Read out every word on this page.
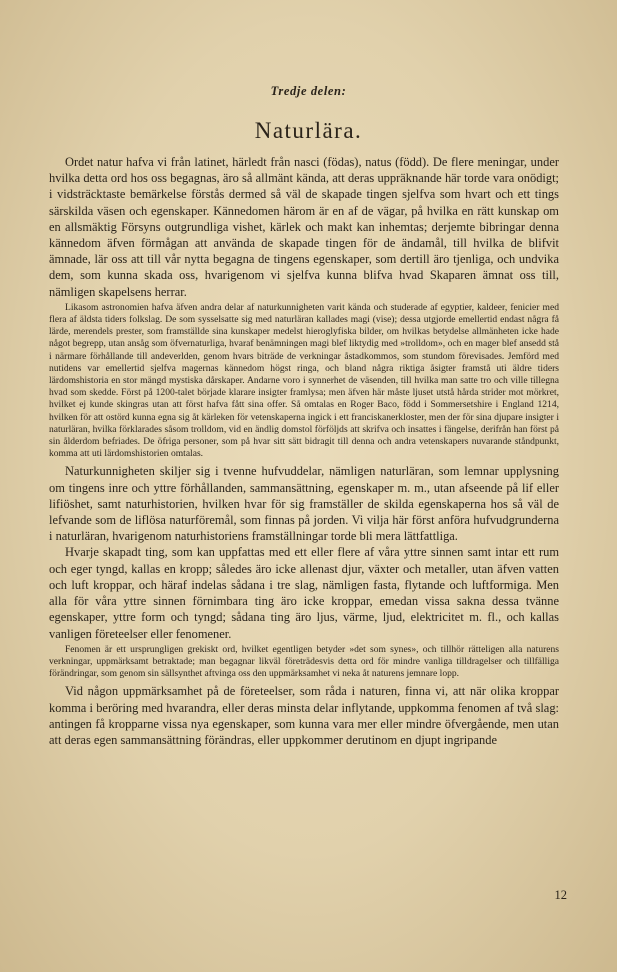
Tredje delen:
Naturlära.

Ordet natur hafva vi från latinet, härledt från nasci (födas), natus (född). De flere meningar, under hvilka detta ord hos oss begagnas, äro så allmänt kända, att deras uppräknande här torde vara onödigt; i vidsträcktaste bemärkelse förstås dermed så väl de skapade tingen sjelfva som hvart och ett tings särskilda väsen och egenskaper. Kännedomen härom är en af de vägar, på hvilka en rätt kunskap om en allsmäktig Försyns outgrundliga vishet, kärlek och makt kan inhemtas; derjemte bibringar denna kännedom äfven förmågan att använda de skapade tingen för de ändamål, till hvilka de blifvit ämnade, lär oss att till vår nytta begagna de tingens egenskaper, som dertill äro tjenliga, och undvika dem, som kunna skada oss, hvarigenom vi sjelfva kunna blifva hvad Skaparen ämnat oss till, nämligen skapelsens herrar.

Likasom astronomien hafva äfven andra delar af naturkunnigheten varit kända och studerade af egyptier, kaldeer, fenicier med flera af äldsta tiders folkslag. De som sysselsatte sig med naturläran kallades magi (vise); dessa utgjorde emellertid endast några få lärde, merendels prester, som framställde sina kunskaper medelst hieroglyfiska bilder, om hvilkas betydelse allmänheten icke hade något begrepp, utan ansåg som öfvernaturliga, hvaraf benämningen magi blef liktydig med »trolldom», och en mager blef ansedd stå i närmare förhållande till andeverlden, genom hvars biträde de verkningar åstadkommos, som stundom förevisades. Jemförd med nutidens var emellertid sjelfva magernas kännedom högst ringa, och bland några riktiga åsigter framstå uti äldre tiders lärdomshistoria en stor mängd mystiska dårskaper. Andarne voro i synnerhet de väsenden, till hvilka man satte tro och ville tillegna hvad som skedde. Först på 1200-talet började klarare insigter framlysa; men äfven här måste ljuset utstå hårda strider mot mörkret, hvilket ej kunde skingras utan att först hafva fått sina offer. Så omtalas en Roger Baco, född i Sommersetshire i England 1214, hvilken för att ostörd kunna egna sig åt kärleken för vetenskaperna ingick i ett franciskanerkloster, men der för sina djupare insigter i naturläran, hvilka förklarades såsom trolldom, vid en ändlig domstol förföljds att skrifva och insattes i fängelse, derifrån han först på sin ålderdom befriades. De öfriga personer, som på hvar sitt sätt bidragit till denna och andra vetenskapers nuvarande ståndpunkt, komma att uti lärdomshistorien omtalas.

Naturkunnigheten skiljer sig i tvenne hufvuddelar, nämligen naturläran, som lemnar upplysning om tingens inre och yttre förhållanden, sammansättning, egenskaper m. m., utan afseende på lif eller lifiöshet, samt naturhistorien, hvilken hvar för sig framställer de skilda egenskaperna hos så väl de lefvande som de liflösa naturföremål, som finnas på jorden. Vi vilja här först anföra hufvudgrunderna i naturläran, hvarigenom naturhistoriens framställningar torde bli mera lättfattliga.

Hvarje skapadt ting, som kan uppfattas med ett eller flere af våra yttre sinnen samt intar ett rum och eger tyngd, kallas en kropp; således äro icke allenast djur, växter och metaller, utan äfven vatten och luft kroppar, och häraf indelas sådana i tre slag, nämligen fasta, flytande och luftformiga. Men alla för våra yttre sinnen förnimbara ting äro icke kroppar, emedan vissa sakna dessa tvänne egenskaper, yttre form och tyngd; sådana ting äro ljus, värme, ljud, elektricitet m. fl., och kallas vanligen företeelser eller fenomener.

Fenomen är ett ursprungligen grekiskt ord, hvilket egentligen betyder »det som synes», och tillhör rätteligen alla naturens verkningar, uppmärksamt betraktade; man begagnar likväl företrädesvis detta ord för mindre vanliga tilldragelser och tillfälliga förändringar, som genom sin sällsynthet aftvinga oss den uppmärksamhet vi neka åt naturens jemnare lopp.

Vid någon uppmärksamhet på de företeelser, som råda i naturen, finna vi, att när olika kroppar komma i beröring med hvarandra, eller deras minsta delar inflytande, uppkomma fenomen af två slag: antingen få kropparne vissa nya egenskaper, som kunna vara mer eller mindre öfvergående, men utan att deras egen sammansättning förändras, eller uppkommer derutinom en djupt ingripande

12
